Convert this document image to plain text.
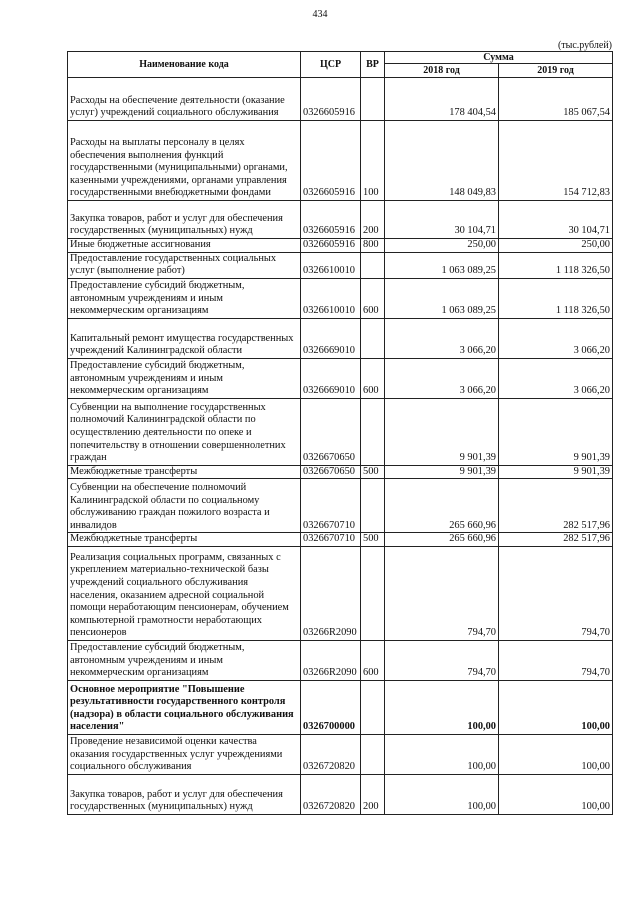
434
(тыс.рублей)
Наименование кода	ЦСР	ВР	Сумма	
			2018 год	2019 год
Расходы на обеспечение деятельности (оказание услуг) учреждений социального обслуживания	0326605916		178 404,54	185 067,54
Расходы на выплаты персоналу в целях обеспечения выполнения функций государственными (муниципальными) органами, казенными учреждениями, органами управления государственными внебюджетными фондами	0326605916	100	148 049,83	154 712,83
Закупка товаров, работ и услуг для обеспечения государственных (муниципальных) нужд	0326605916	200	30 104,71	30 104,71
Иные бюджетные ассигнования	0326605916	800	250,00	250,00
Предоставление государственных социальных услуг (выполнение работ)	0326610010		1 063 089,25	1 118 326,50
Предоставление субсидий бюджетным, автономным учреждениям и иным некоммерческим организациям	0326610010	600	1 063 089,25	1 118 326,50
Капитальный ремонт имущества государственных учреждений Калининградской области	0326669010		3 066,20	3 066,20
Предоставление субсидий бюджетным, автономным учреждениям и иным некоммерческим организациям	0326669010	600	3 066,20	3 066,20
Субвенции на выполнение государственных полномочий Калининградской области по осуществлению деятельности по опеке и попечительству в отношении совершеннолетних граждан	0326670650		9 901,39	9 901,39
Межбюджетные трансферты	0326670650	500	9 901,39	9 901,39
Субвенции на обеспечение полномочий Калининградской области по социальному обслуживанию граждан пожилого возраста и инвалидов	0326670710		265 660,96	282 517,96
Межбюджетные трансферты	0326670710	500	265 660,96	282 517,96
Реализация социальных программ, связанных с укреплением материально-технической базы учреждений социального обслуживания населения, оказанием адресной социальной помощи неработающим пенсионерам, обучением компьютерной грамотности неработающих пенсионеров	03266R2090		794,70	794,70
Предоставление субсидий бюджетным, автономным учреждениям и иным некоммерческим организациям	03266R2090	600	794,70	794,70
Основное мероприятие "Повышение результативности государственного контроля (надзора) в области социального обслуживания населения"	0326700000		100,00	100,00
Проведение независимой оценки качества оказания государственных услуг учреждениями социального обслуживания	0326720820		100,00	100,00
Закупка товаров, работ и услуг для обеспечения государственных (муниципальных) нужд	0326720820	200	100,00	100,00
